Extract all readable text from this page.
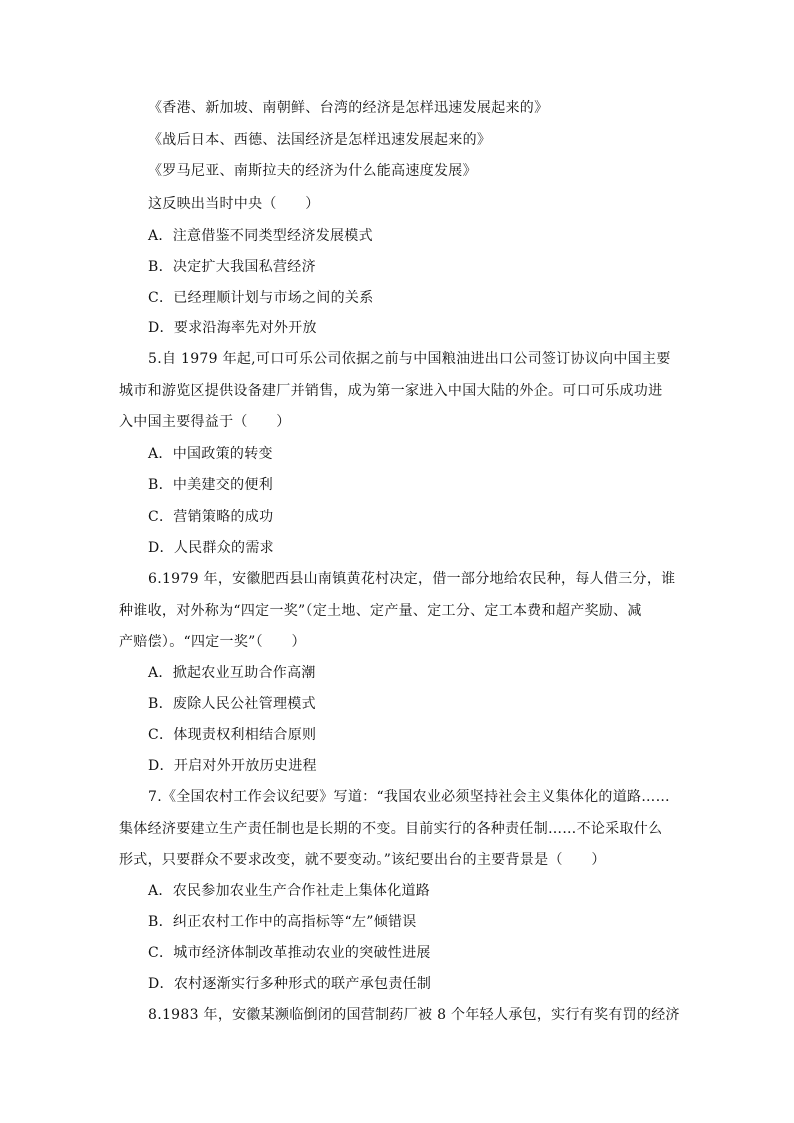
《香港、新加坡、南朝鲜、台湾的经济是怎样迅速发展起来的》
《战后日本、西德、法国经济是怎样迅速发展起来的》
《罗马尼亚、南斯拉夫的经济为什么能高速度发展》
这反映出当时中央（　　）
A．注意借鉴不同类型经济发展模式
B．决定扩大我国私营经济
C．已经理顺计划与市场之间的关系
D．要求沿海率先对外开放
5.自 1979 年起,可口可乐公司依据之前与中国粮油进出口公司签订协议向中国主要
城市和游览区提供设备建厂并销售，成为第一家进入中国大陆的外企。可口可乐成功进
入中国主要得益于（　　）
A．中国政策的转变
B．中美建交的便利
C．营销策略的成功
D．人民群众的需求
6.1979 年，安徽肥西县山南镇黄花村决定，借一部分地给农民种，每人借三分，谁
种谁收，对外称为“四定一奖”（定土地、定产量、定工分、定工本费和超产奖励、减
产赔偿）。“四定一奖”（　　）
A．掀起农业互助合作高潮
B．废除人民公社管理模式
C．体现责权利相结合原则
D．开启对外开放历史进程
7.《全国农村工作会议纪要》写道：“我国农业必须坚持社会主义集体化的道路……
集体经济要建立生产责任制也是长期的不变。目前实行的各种责任制……不论采取什么
形式，只要群众不要求改变，就不要变动。”该纪要出台的主要背景是（　　）
A．农民参加农业生产合作社走上集体化道路
B．纠正农村工作中的高指标等“左”倾错误
C．城市经济体制改革推动农业的突破性进展
D．农村逐渐实行多种形式的联产承包责任制
8.1983 年，安徽某濒临倒闭的国营制药厂被 8 个年轻人承包，实行有奖有罚的经济
